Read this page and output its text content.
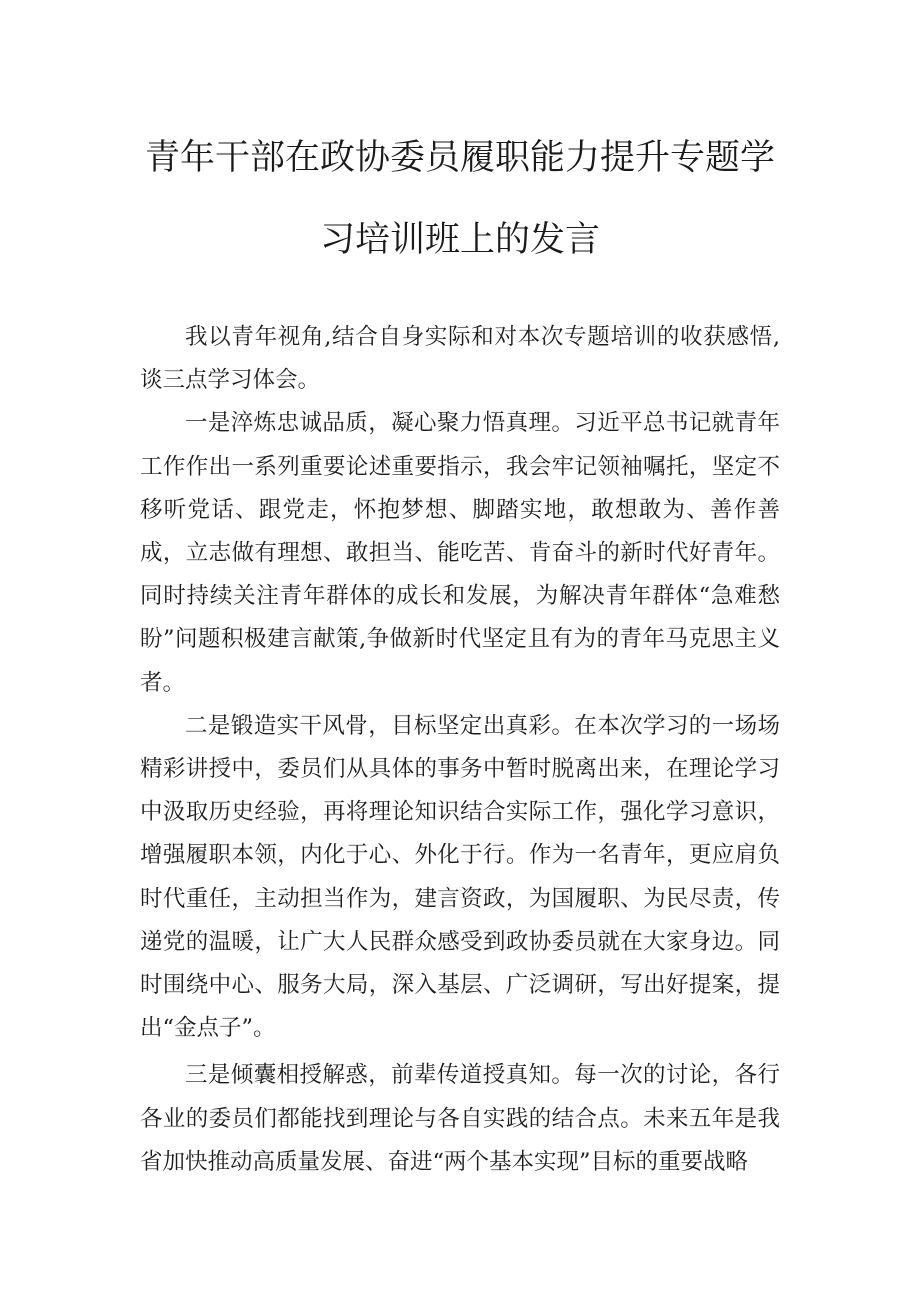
青年干部在政协委员履职能力提升专题学
习培训班上的发言

我以青年视角,结合自身实际和对本次专题培训的收获感悟,谈三点学习体会。

一是淬炼忠诚品质，凝心聚力悟真理。习近平总书记就青年工作作出一系列重要论述重要指示，我会牢记领袖嘱托，坚定不移听党话、跟党走，怀抱梦想、脚踏实地，敢想敢为、善作善成，立志做有理想、敢担当、能吃苦、肯奋斗的新时代好青年。同时持续关注青年群体的成长和发展，为解决青年群体“急难愁盼”问题积极建言献策,争做新时代坚定且有为的青年马克思主义者。

二是锻造实干风骨，目标坚定出真彩。在本次学习的一场场精彩讲授中，委员们从具体的事务中暂时脱离出来，在理论学习中汲取历史经验，再将理论知识结合实际工作，强化学习意识，增强履职本领，内化于心、外化于行。作为一名青年，更应肩负时代重任，主动担当作为，建言资政，为国履职、为民尽责，传递党的温暖，让广大人民群众感受到政协委员就在大家身边。同时围绕中心、服务大局，深入基层、广泛调研，写出好提案，提出“金点子”。

三是倾囊相授解惑，前辈传道授真知。每一次的讨论，各行各业的委员们都能找到理论与各自实践的结合点。未来五年是我省加快推动高质量发展、奋进“两个基本实现”目标的重要战略
